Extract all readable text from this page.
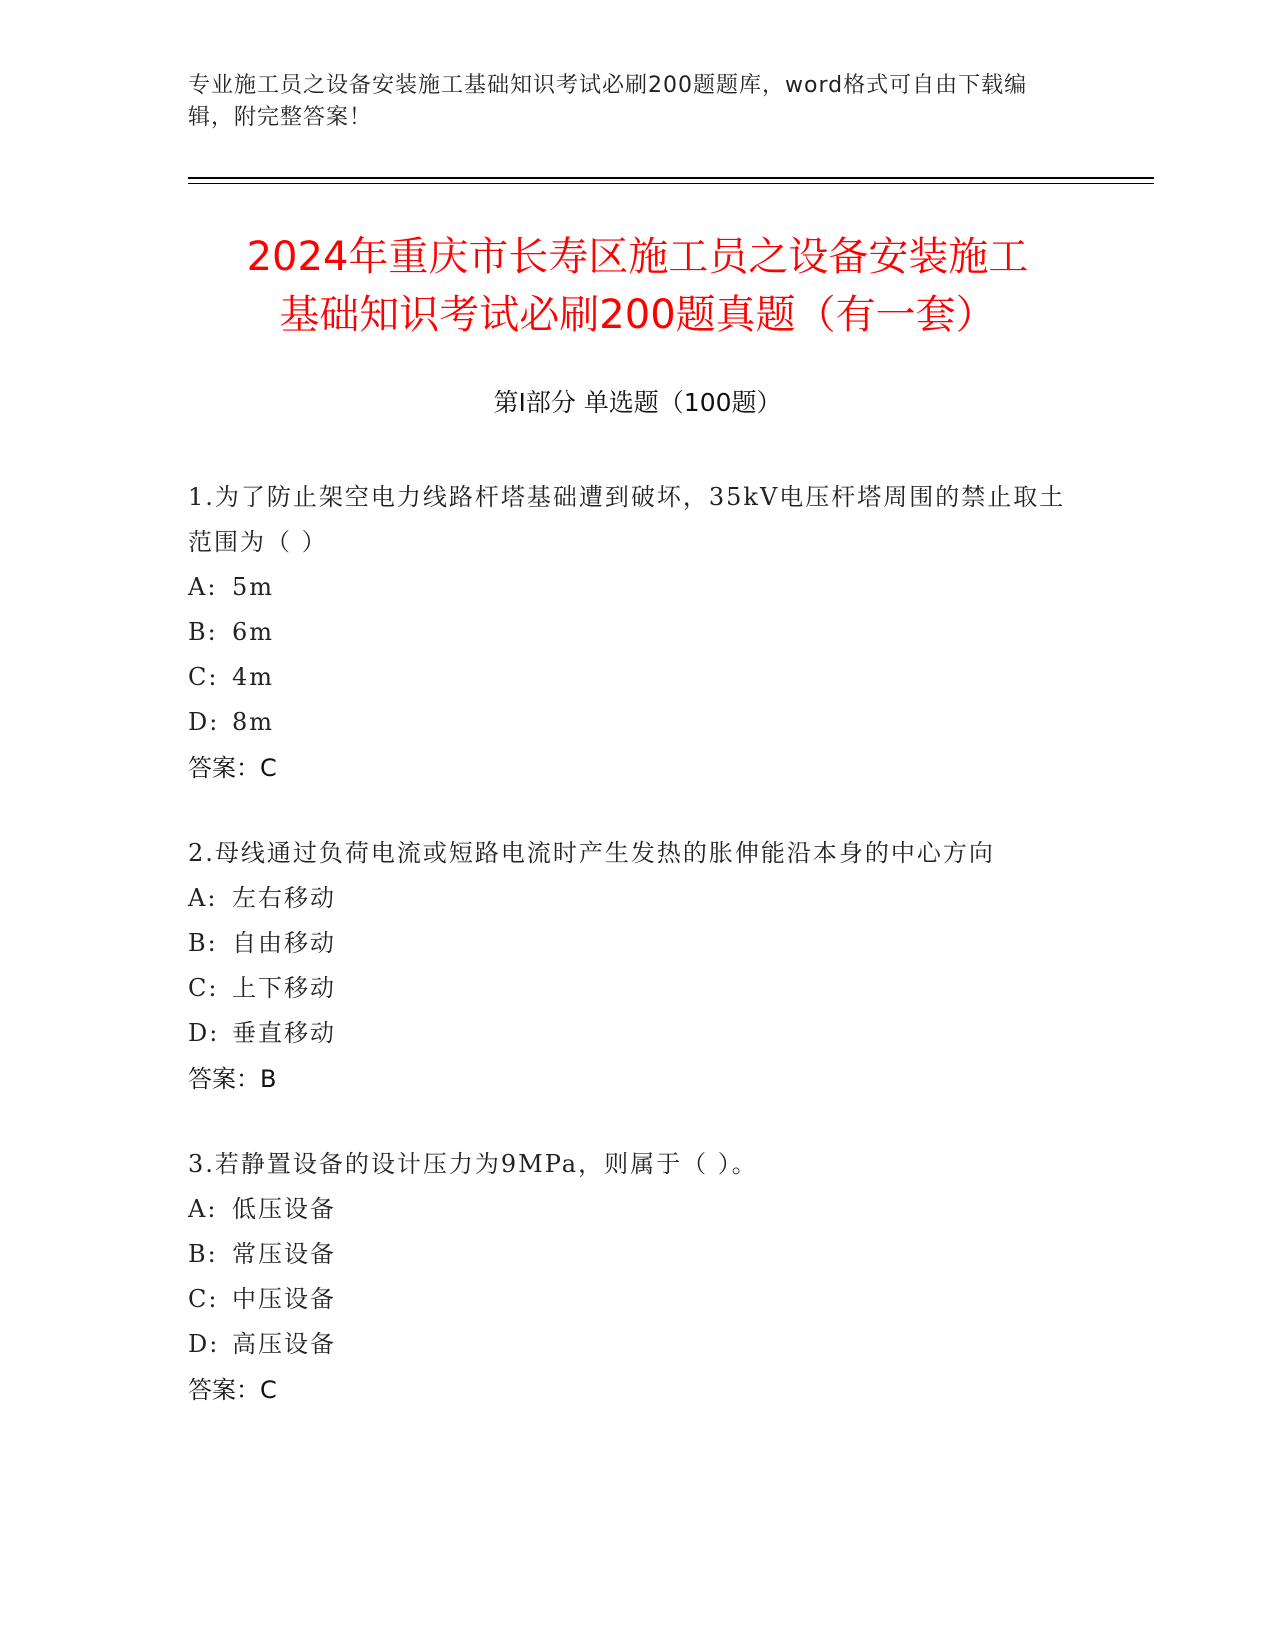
专业施工员之设备安装施工基础知识考试必刷200题题库，word格式可自由下载编辑，附完整答案！
2024年重庆市长寿区施工员之设备安装施工
基础知识考试必刷200题真题（有一套）
第Ⅰ部分 单选题（100题）
1.为了防止架空电力线路杆塔基础遭到破坏，35kV电压杆塔周围的禁止取土范围为（ ）
A: 5m
B: 6m
C: 4m
D: 8m
答案：C
2.母线通过负荷电流或短路电流时产生发热的胀伸能沿本身的中心方向
A: 左右移动
B: 自由移动
C: 上下移动
D: 垂直移动
答案：B
3.若静置设备的设计压力为9MPa，则属于（ ）。
A: 低压设备
B: 常压设备
C: 中压设备
D: 高压设备
答案：C
